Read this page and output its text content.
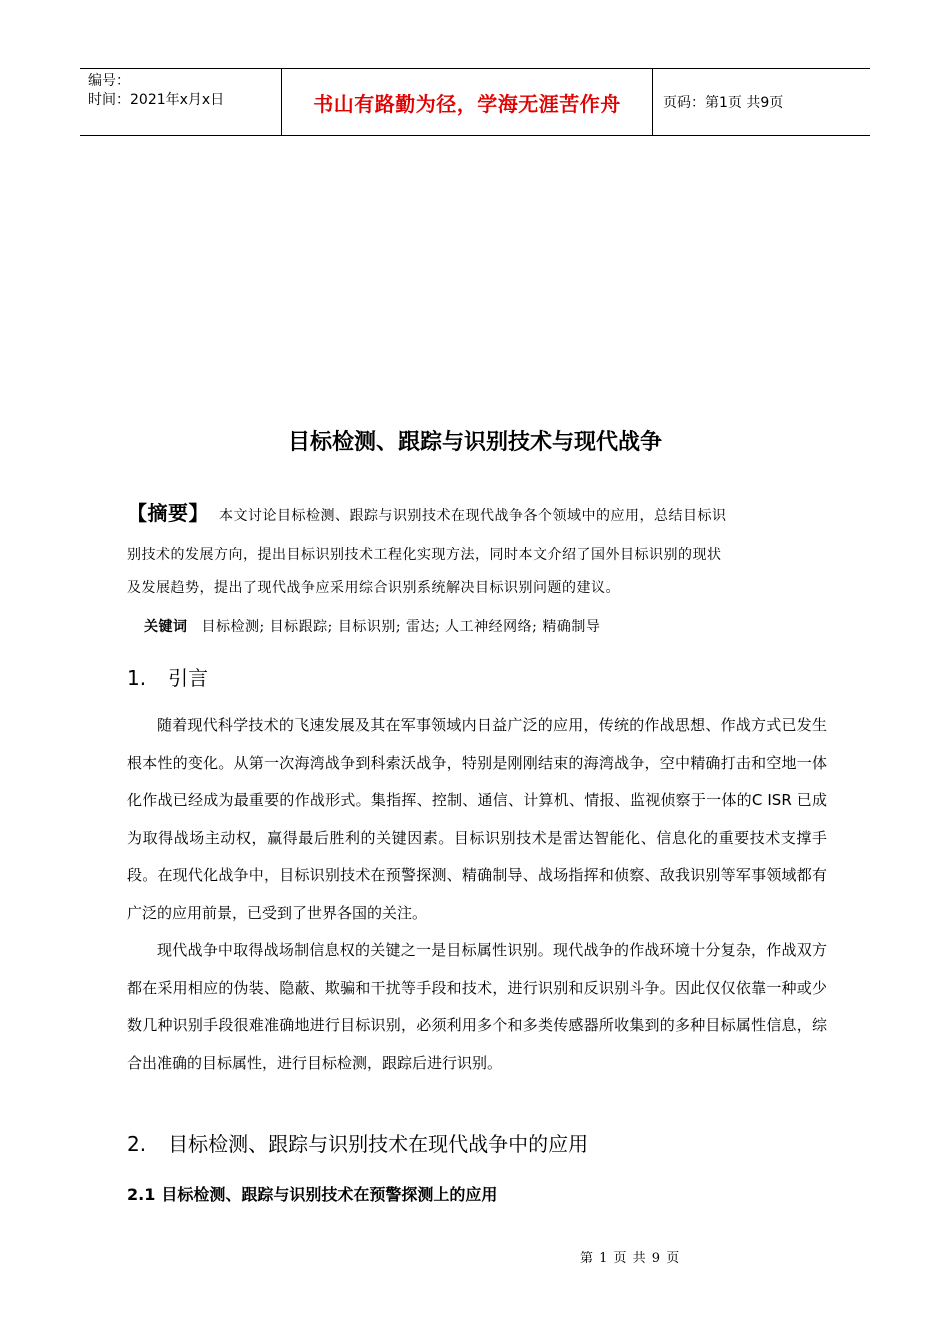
编号：
时间：2021年x月x日	书山有路勤为径，学海无涯苦作舟	页码：第1页 共9页
目标检测、跟踪与识别技术与现代战争

【摘要】 本文讨论目标检测、跟踪与识别技术在现代战争各个领域中的应用，总结目标识

别技术的发展方向，提出目标识别技术工程化实现方法，同时本文介绍了国外目标识别的现状

及发展趋势，提出了现代战争应采用综合识别系统解决目标识别问题的建议。

关键词 目标检测; 目标跟踪; 目标识别; 雷达; 人工神经网络; 精确制导
1. 引言

随着现代科学技术的飞速发展及其在军事领域内日益广泛的应用，传统的作战思想、作战方式已发生根本性的变化。从第一次海湾战争到科索沃战争，特别是刚刚结束的海湾战争，空中精确打击和空地一体化作战已经成为最重要的作战形式。集指挥、控制、通信、计算机、情报、监视侦察于一体的C ISR 已成为取得战场主动权，赢得最后胜利的关键因素。目标识别技术是雷达智能化、信息化的重要技术支撑手段。在现代化战争中，目标识别技术在预警探测、精确制导、战场指挥和侦察、敌我识别等军事领域都有广泛的应用前景，已受到了世界各国的关注。

现代战争中取得战场制信息权的关键之一是目标属性识别。现代战争的作战环境十分复杂，作战双方都在采用相应的伪装、隐蔽、欺骗和干扰等手段和技术，进行识别和反识别斗争。因此仅仅依靠一种或少数几种识别手段很难准确地进行目标识别，必须利用多个和多类传感器所收集到的多种目标属性信息，综合出准确的目标属性，进行目标检测，跟踪后进行识别。

2. 目标检测、跟踪与识别技术在现代战争中的应用
2.1 目标检测、跟踪与识别技术在预警探测上的应用
第 1 页 共 9 页
